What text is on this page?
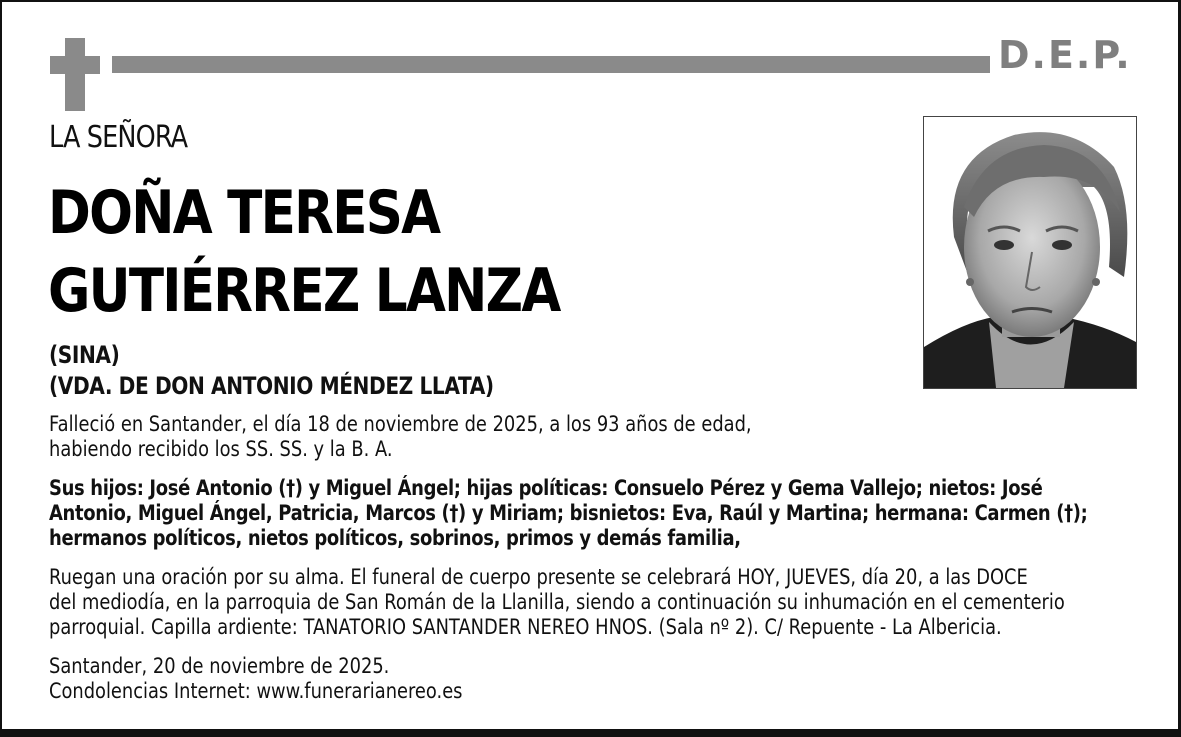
D.E.P.
LA SEÑORA
DOÑA TERESA
GUTIÉRREZ LANZA
(SINA)
(VDA. DE DON ANTONIO MÉNDEZ LLATA)
Falleció en Santander, el día 18 de noviembre de 2025, a los 93 años de edad,
habiendo recibido los SS. SS. y la B. A.
Sus hijos: José Antonio (†) y Miguel Ángel; hijas políticas: Consuelo Pérez y Gema Vallejo; nietos: José
Antonio, Miguel Ángel, Patricia, Marcos (†) y Miriam; bisnietos: Eva, Raúl y Martina; hermana: Carmen (†);
hermanos políticos, nietos políticos, sobrinos, primos y demás familia,
Ruegan una oración por su alma. El funeral de cuerpo presente se celebrará HOY, JUEVES, día 20, a las DOCE
del mediodía, en la parroquia de San Román de la Llanilla, siendo a continuación su inhumación en el cementerio
parroquial. Capilla ardiente: TANATORIO SANTANDER NEREO HNOS. (Sala nº 2). C/ Repuente - La Albericia.
Santander, 20 de noviembre de 2025.
Condolencias Internet: www.funerarianereo.es
